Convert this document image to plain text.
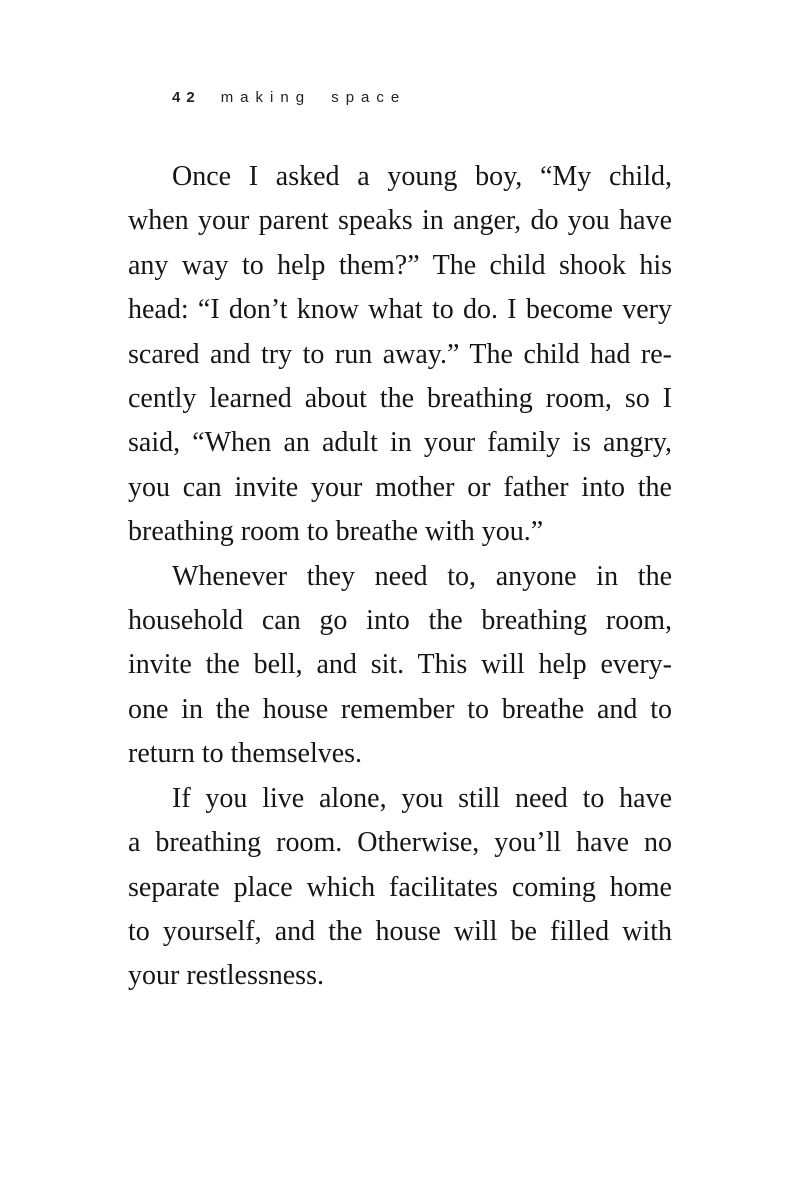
42 making space

Once I asked a young boy, “My child,
when your parent speaks in anger, do you have
any way to help them?” The child shook his
head: “I don’t know what to do. I become very
scared and try to run away.” The child had re-
cently learned about the breathing room, so I
said, “When an adult in your family is angry,
you can invite your mother or father into the
breathing room to breathe with you.”

Whenever they need to, anyone in the
household can go into the breathing room,
invite the bell, and sit. This will help every-
one in the house remember to breathe and to
return to themselves.

If you live alone, you still need to have
a breathing room. Otherwise, you’ll have no
separate place which facilitates coming home
to yourself, and the house will be filled with
your restlessness.
